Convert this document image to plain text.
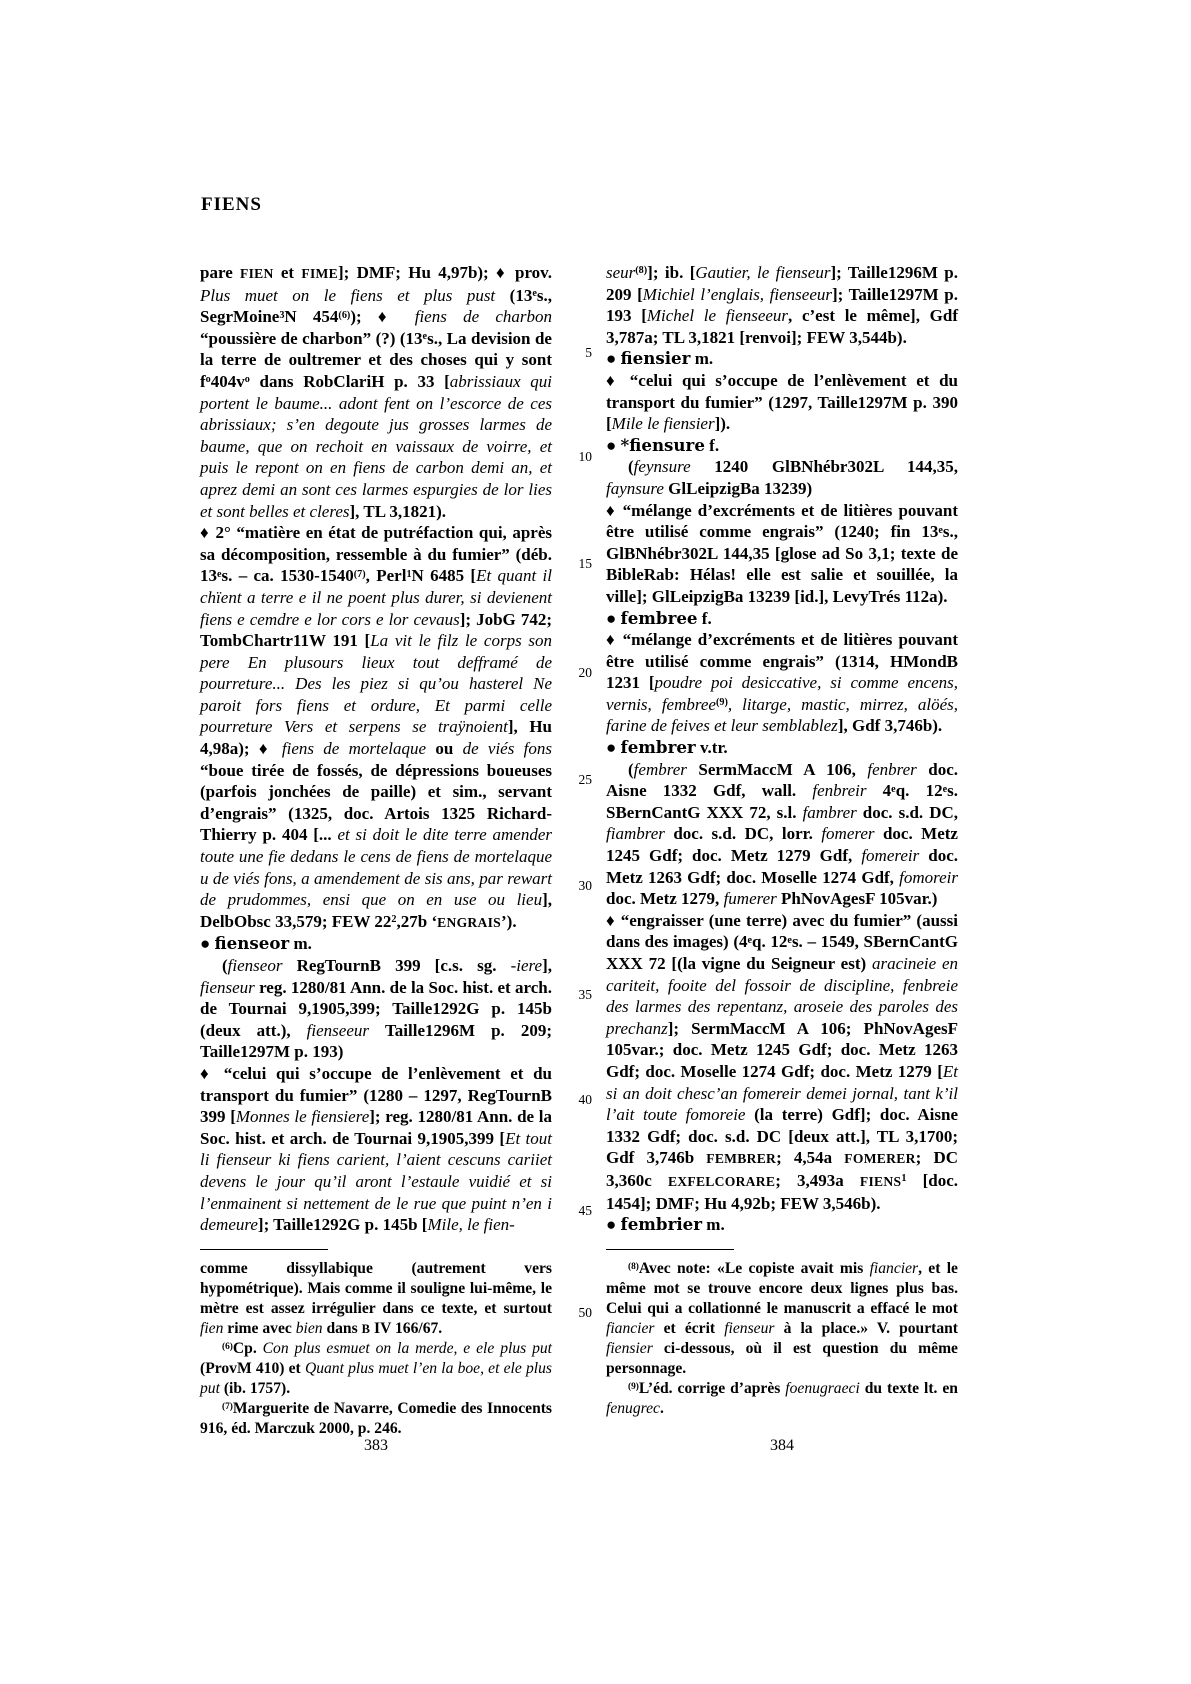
FIENS

pare FIEN et FIME]; DMF; Hu 4,97b); ♦ prov. Plus muet on le fiens et plus pust (13es., SegrMoine$^3$N 454$^{(6)}$); ♦ fiens de charbon “poussière de charbon” (?) (13es., La devision de la terre de oultremer et des choses qui y sont $f^o404v^o$ dans RobClariH p. 33 [abrissiaux qui portent le baume... adont fent on l’escorce de ces abrissiaux; s’en degoute jus grosses larmes de baume, que on rechoit en vaissaux de voirre, et puis le repont on en fiens de carbon demi an, et aprez demi an sont ces larmes espurgies de lor lies et sont belles et cleres], TL 3,1821).

♦ 2° “matière en état de putréfaction qui, après sa décomposition, ressemble à du fumier” (déb. 13es. – ca. 1530-1540$^{(7)}$, Perl$^1$N 6485 [Et quant il chïent a terre e il ne poent plus durer, si devienent fiens e cemdre e lor cors e lor cevaus]; JobG 742; TombChartr11W 191 [La vit le filz le corps son pere En plusours lieux tout defframé de pourreture... Des les piez si qu’ou hasterel Ne paroit fors fiens et ordure, Et parmi celle pourreture Vers et serpens se traÿnoient], Hu 4,98a); ♦ fiens de mortelaque ou de viés fons “boue tirée de fossés, de dépressions boueuses (parfois jonchées de paille) et sim., servant d’engrais” (1325, doc. Artois 1325 Richard-Thierry p. 404 [... et si doit le dite terre amender toute une fie dedans le cens de fiens de mortelaque u de viés fons, a amendement de sis ans, par rewart de prudommes, ensi que on en use ou lieu], DelbObsc 33,579; FEW $22^2,27b$ ‘ENGRAIS’).

● fienseor m.

(fienseor RegTournB 399 [c.s. sg. -iere], fienseur reg. 1280/81 Ann. de la Soc. hist. et arch. de Tournai 9,1905,399; Taille1292G p. 145b (deux att.), fienseeur Taille1296M p. 209; Taille1297M p. 193)

♦ “celui qui s’occupe de l’enlèvement et du transport du fumier” (1280 – 1297, RegTournB 399 [Monnes le fiensiere]; reg. 1280/81 Ann. de la Soc. hist. et arch. de Tournai 9,1905,399 [Et tout li fienseur ki fiens carient, l’aient cescuns cariiet devens le jour qu’il aront l’estaule vuidié et si l’enmainent si nettement de le rue que puint n’en i demeure]; Taille1292G p. 145b [Mile, le fien-

comme dissyllabique (autrement vers hypométrique). Mais comme il souligne lui-même, le mètre est assez irrégulier dans ce texte, et surtout fien rime avec bien dans B IV 166/67.

$^{(6)}$Cp. Con plus esmuet on la merde, e ele plus put (ProvM 410) et Quant plus muet l’en la boe, et ele plus put (ib. 1757).

$^{(7)}$Marguerite de Navarre, Comedie des Innocents 916, éd. Marczuk 2000, p. 246.

seur$^{(8)}$]; ib. [Gautier, le fienseur]; Taille1296M p. 209 [Michiel l’englais, fienseeur]; Taille1297M p. 193 [Michel le fienseeur, c’est le même], Gdf 3,787a; TL 3,1821 [renvoi]; FEW 3,544b).

● fiensier m.

♦ “celui qui s’occupe de l’enlèvement et du transport du fumier” (1297, Taille1297M p. 390 [Mile le fiensier]).

● *fiensure f.

(feynsure 1240 GlBNhébr302L 144,35, faynsure GlLeipzigBa 13239)

♦ “mélange d’excréments et de litières pouvant être utilisé comme engrais” (1240; fin 13es., GlBNhébr302L 144,35 [glose ad So 3,1; texte de BibleRab: Hélas! elle est salie et souillée, la ville]; GlLeipzigBa 13239 [id.], LevyTrés 112a).

● fembree f.

♦ “mélange d’excréments et de litières pouvant être utilisé comme engrais” (1314, HMondB 1231 [poudre poi desiccative, si comme encens, vernis, fembree$^{(9)}$, litarge, mastic, mirrez, alöés, farine de feives et leur semblablez], Gdf 3,746b).

● fembrer v.tr.

(fembrer SermMaccM A 106, fenbrer doc. Aisne 1332 Gdf, wall. fenbreir 4eq. 12es. SBernCantG XXX 72, s.l. fambrer doc. s.d. DC, fiambrer doc. s.d. DC, lorr. fomerer doc. Metz 1245 Gdf; doc. Metz 1279 Gdf, fomereir doc. Metz 1263 Gdf; doc. Moselle 1274 Gdf, fomoreir doc. Metz 1279, fumerer PhNovAgesF 105var.)

♦ “engraisser (une terre) avec du fumier” (aussi dans des images) (4eq. 12es. – 1549, SBernCantG XXX 72 [(la vigne du Seigneur est) aracineie en cariteit, fooite del fossoir de discipline, fenbreie des larmes des repentanz, aroseie des paroles des prechanz]; SermMaccM A 106; PhNovAgesF 105var.; doc. Metz 1245 Gdf; doc. Metz 1263 Gdf; doc. Moselle 1274 Gdf; doc. Metz 1279 [Et si an doit chesc’an fomereir demei jornal, tant k’il l’ait toute fomoreie (la terre) Gdf]; doc. Aisne 1332 Gdf; doc. s.d. DC [deux att.], TL 3,1700; Gdf 3,746b FEMBRER; 4,54a FOMERER; DC 3,360c EXFELCORARE; 3,493a FIENS$^1$ [doc. 1454]; DMF; Hu 4,92b; FEW 3,546b).

● fembrier m.

$^{(8)}$Avec note: «Le copiste avait mis fiancier, et le même mot se trouve encore deux lignes plus bas. Celui qui a collationné le manuscrit a effacé le mot fiancier et écrit fienseur à la place.» V. pourtant fiensier ci-dessous, où il est question du même personnage.

$^{(9)}$L’éd. corrige d’après foenugraeci du texte lt. en fenugrec.

5
10
15
20
25
30
35
40
45
50
383	384
